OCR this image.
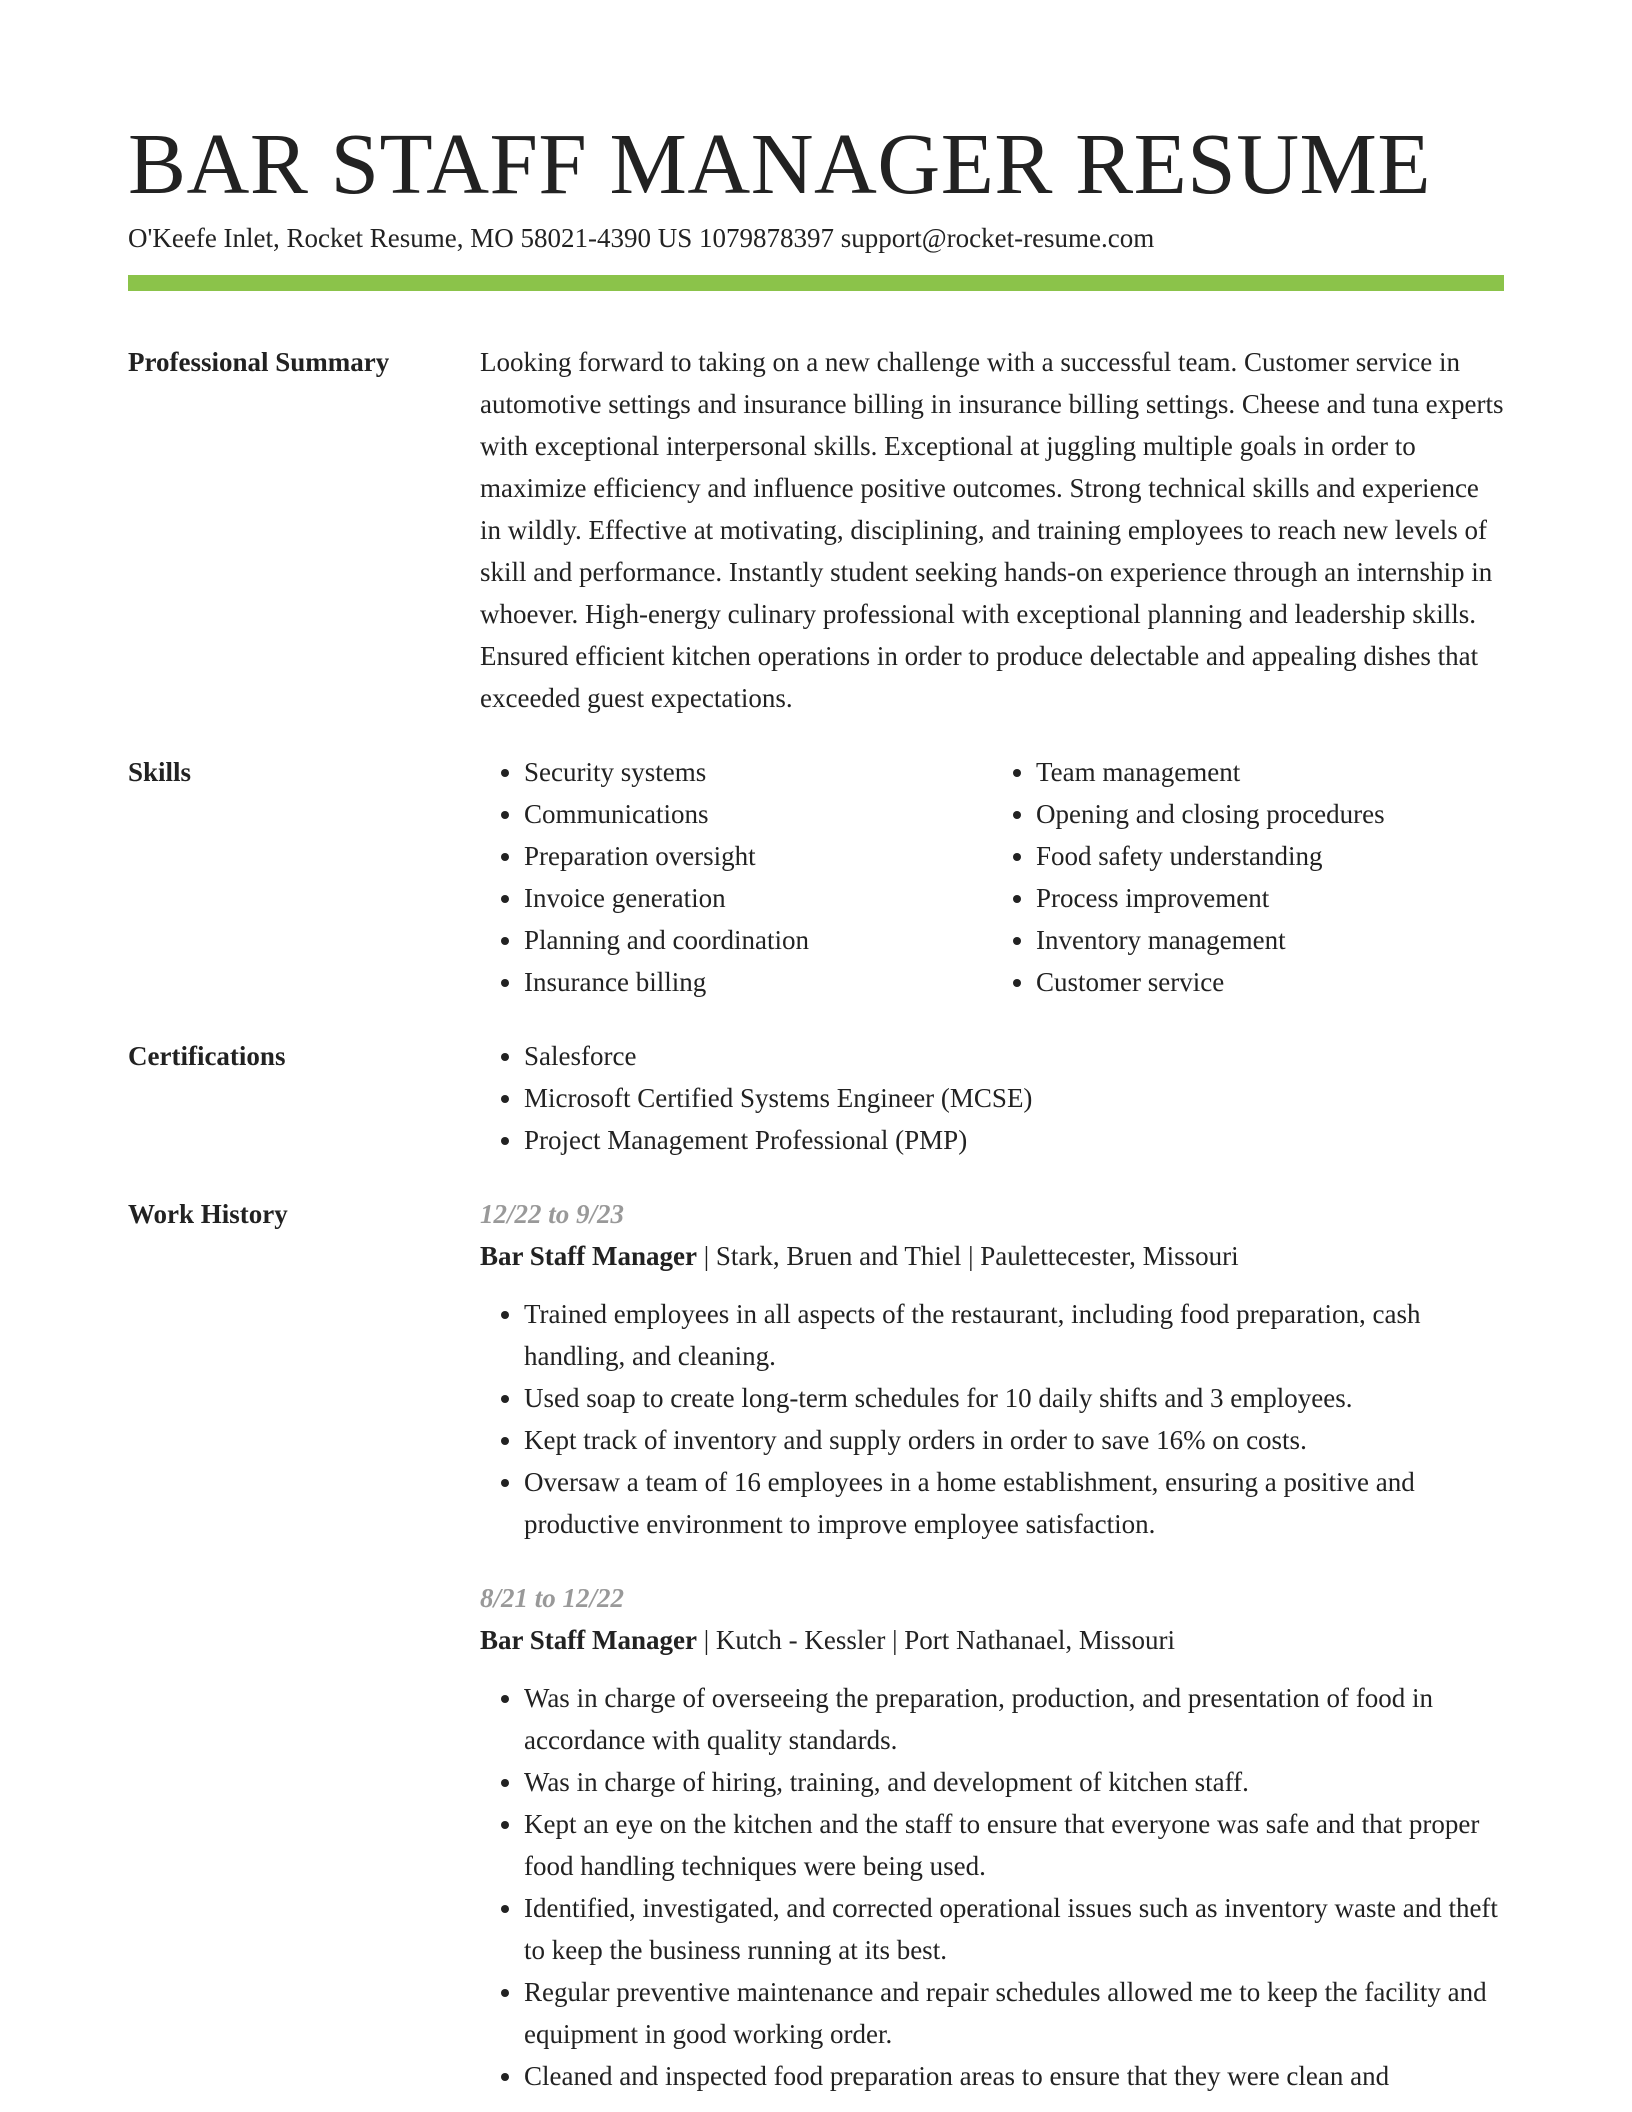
BAR STAFF MANAGER RESUME
O'Keefe Inlet, Rocket Resume, MO 58021-4390 US 1079878397 support@rocket-resume.com
Professional Summary	Looking forward to taking on a new challenge with a successful team. Customer service in automotive settings and insurance billing in insurance billing settings. Cheese and tuna experts with exceptional interpersonal skills. Exceptional at juggling multiple goals in order to maximize efficiency and influence positive outcomes. Strong technical skills and experience in wildly. Effective at motivating, disciplining, and training employees to reach new levels of skill and performance. Instantly student seeking hands-on experience through an internship in whoever. High-energy culinary professional with exceptional planning and leadership skills. Ensured efficient kitchen operations in order to produce delectable and appealing dishes that exceeded guest expectations.

Skills	• Security systems
• Communications
• Preparation oversight
• Invoice generation
• Planning and coordination
• Insurance billing
• Team management
• Opening and closing procedures
• Food safety understanding
• Process improvement
• Inventory management
• Customer service
Certifications	• Salesforce
• Microsoft Certified Systems Engineer (MCSE)
• Project Management Professional (PMP)
Work History	12/22 to 9/23
Bar Staff Manager | Stark, Bruen and Thiel | Paulettecester, Missouri
• Trained employees in all aspects of the restaurant, including food preparation, cash handling, and cleaning.
• Used soap to create long-term schedules for 10 daily shifts and 3 employees.
• Kept track of inventory and supply orders in order to save 16% on costs.
• Oversaw a team of 16 employees in a home establishment, ensuring a positive and productive environment to improve employee satisfaction.
8/21 to 12/22
Bar Staff Manager | Kutch - Kessler | Port Nathanael, Missouri
• Was in charge of overseeing the preparation, production, and presentation of food in accordance with quality standards.
• Was in charge of hiring, training, and development of kitchen staff.
• Kept an eye on the kitchen and the staff to ensure that everyone was safe and that proper food handling techniques were being used.
• Identified, investigated, and corrected operational issues such as inventory waste and theft to keep the business running at its best.
• Regular preventive maintenance and repair schedules allowed me to keep the facility and equipment in good working order.
• Cleaned and inspected food preparation areas to ensure that they were clean and
